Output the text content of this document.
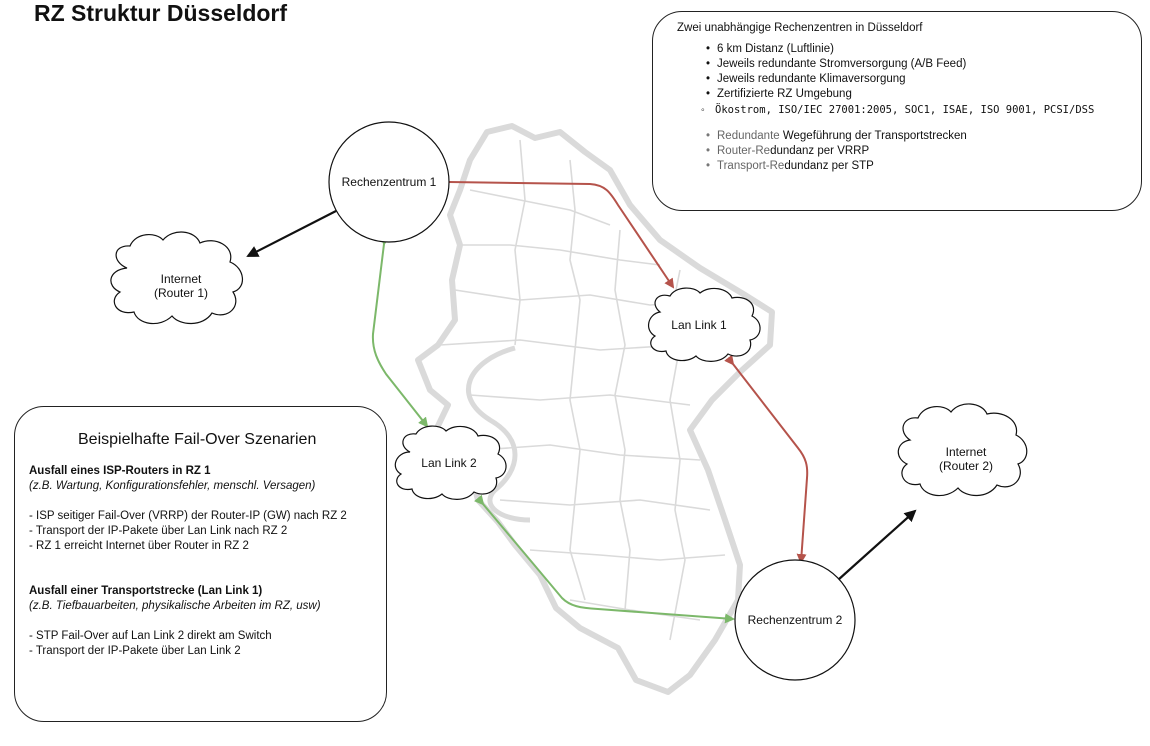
RZ Struktur Düsseldorf
Internet
(Router 1)
Internet
(Router 2)
Lan Link 1
Lan Link 2
Rechenzentrum 1
Rechenzentrum 2
Zwei unabhängige Rechenzentren in Düsseldorf
• 6 km Distanz (Luftlinie)
• Jeweils redundante Stromversorgung (A/B Feed)
• Jeweils redundante Klimaversorgung
• Zertifizierte RZ Umgebung
◦ Ökostrom, ISO/IEC 27001:2005, SOC1, ISAE, ISO 9001, PCSI/DSS
• Redundante Wegeführung der Transportstrecken
• Router-Redundanz per VRRP
• Transport-Redundanz per STP
Beispielhafte Fail-Over Szenarien
Ausfall eines ISP-Routers in RZ 1
(z.B. Wartung, Konfigurationsfehler, menschl. Versagen)
- ISP seitiger Fail-Over (VRRP) der Router-IP (GW) nach RZ 2
- Transport der IP-Pakete über Lan Link nach RZ 2
- RZ 1 erreicht Internet über Router in RZ 2
Ausfall einer Transportstrecke (Lan Link 1)
(z.B. Tiefbauarbeiten, physikalische Arbeiten im RZ, usw)
- STP Fail-Over auf Lan Link 2 direkt am Switch
- Transport der IP-Pakete über Lan Link 2
